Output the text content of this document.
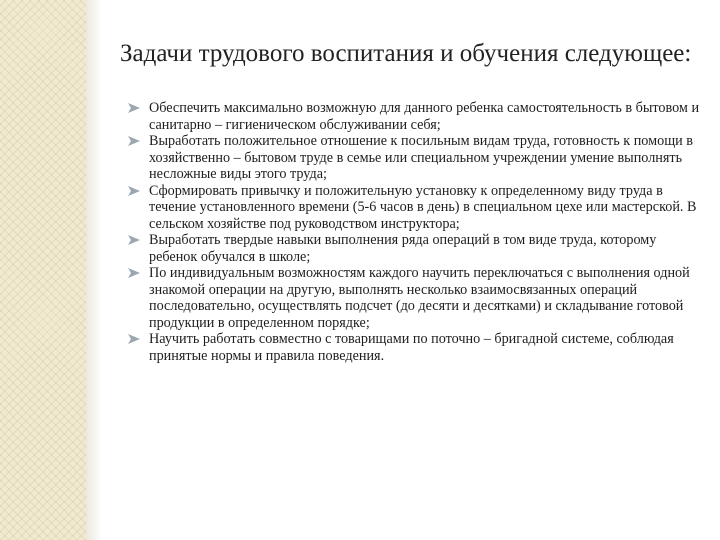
Задачи трудового воспитания и обучения следующее:
Обеспечить максимально возможную для данного ребенка самостоятельность в бытовом и санитарно – гигиеническом обслуживании себя;
Выработать положительное отношение к посильным видам труда, готовность к помощи в хозяйственно – бытовом труде в семье или специальном учреждении умение выполнять несложные виды этого труда;
Сформировать привычку и положительную установку к определенному виду труда в течение установленного времени (5-6 часов в день) в специальном цехе или мастерской. В сельском хозяйстве под руководством инструктора;
Выработать твердые навыки выполнения ряда операций в том виде труда, которому ребенок обучался в школе;
По индивидуальным возможностям каждого научить переключаться с выполнения одной знакомой операции на другую, выполнять несколько взаимосвязанных операций последовательно, осуществлять подсчет (до десяти и десятками) и складывание готовой продукции в определенном порядке;
Научить работать совместно с товарищами по поточно – бригадной системе, соблюдая принятые нормы и правила поведения.
